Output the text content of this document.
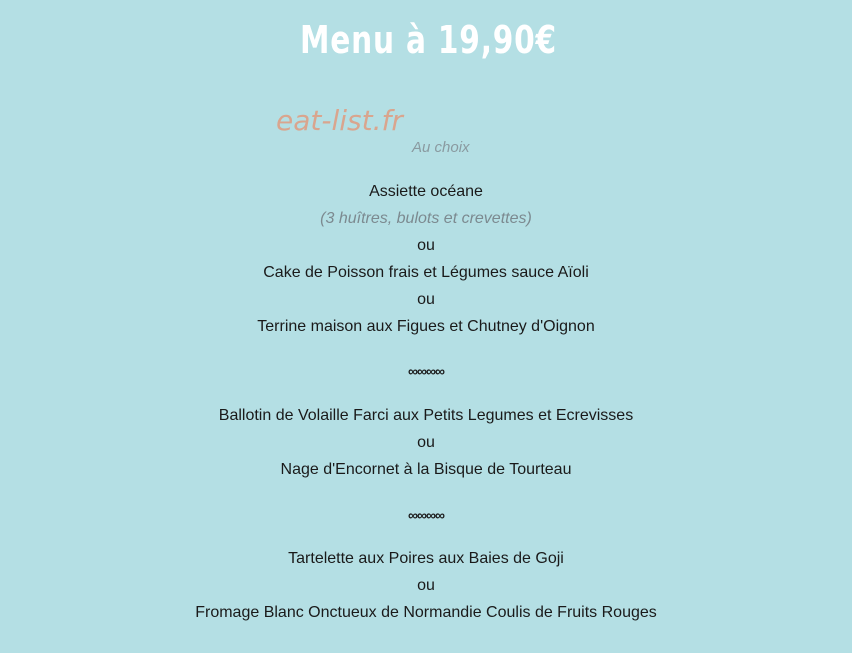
Menu à 19,90€
eat-list.fr
Au choix
Assiette océane
(3 huîtres, bulots et crevettes)
ou
Cake de Poisson frais et Légumes sauce Aïoli
ou
Terrine maison aux Figues et Chutney d'Oignon
∞∞∞∞
Ballotin de Volaille Farci aux Petits Legumes et Ecrevisses
ou
Nage d'Encornet à la Bisque de Tourteau
∞∞∞∞
Tartelette aux Poires aux Baies de Goji
ou
Fromage Blanc Onctueux de Normandie Coulis de Fruits Rouges
